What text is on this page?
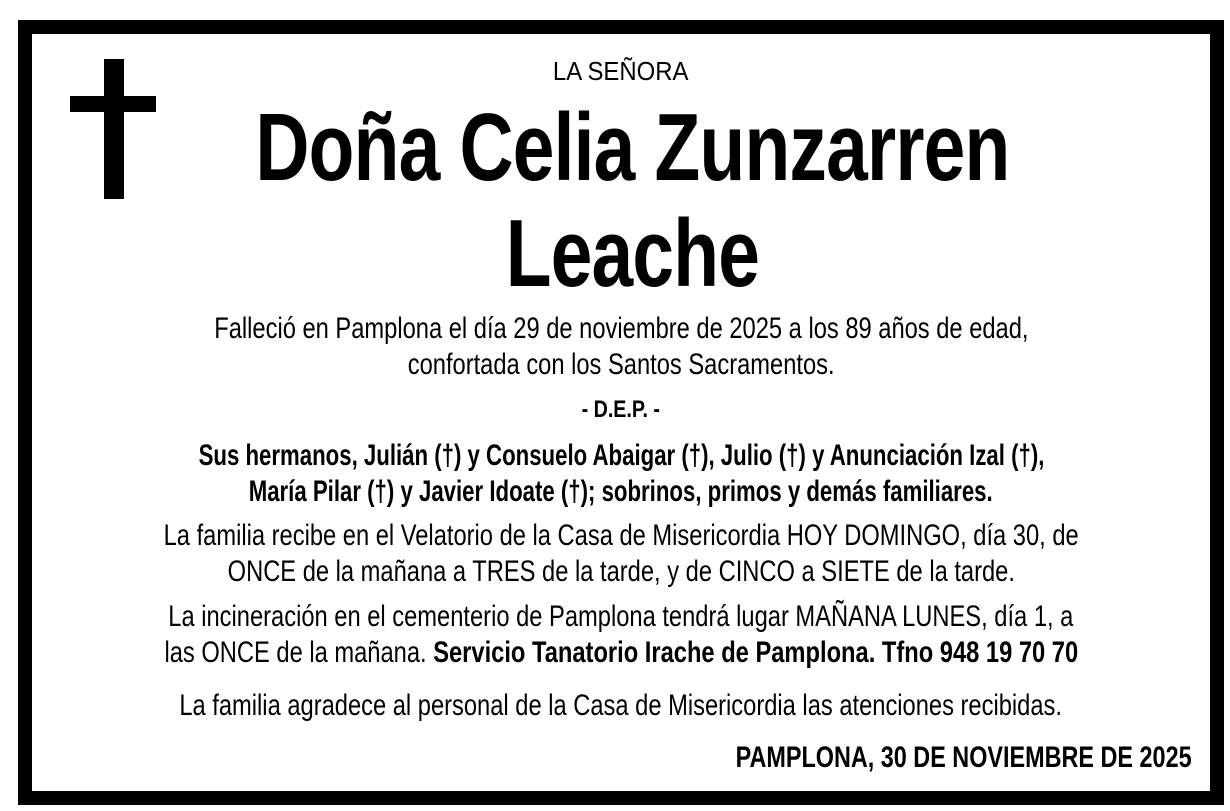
LA SEÑORA
Doña Celia Zunzarren
Leache
Falleció en Pamplona el día 29 de noviembre de 2025 a los 89 años de edad,
confortada con los Santos Sacramentos.
- D.E.P. -
Sus hermanos, Julián (†) y Consuelo Abaigar (†), Julio (†) y Anunciación Izal (†),
María Pilar (†) y Javier Idoate (†); sobrinos, primos y demás familiares.
La familia recibe en el Velatorio de la Casa de Misericordia HOY DOMINGO, día 30, de
ONCE de la mañana a TRES de la tarde, y de CINCO a SIETE de la tarde.
La incineración en el cementerio de Pamplona tendrá lugar MAÑANA LUNES, día 1, a
las ONCE de la mañana. Servicio Tanatorio Irache de Pamplona. Tfno 948 19 70 70
La familia agradece al personal de la Casa de Misericordia las atenciones recibidas.
PAMPLONA, 30 DE NOVIEMBRE DE 2025
